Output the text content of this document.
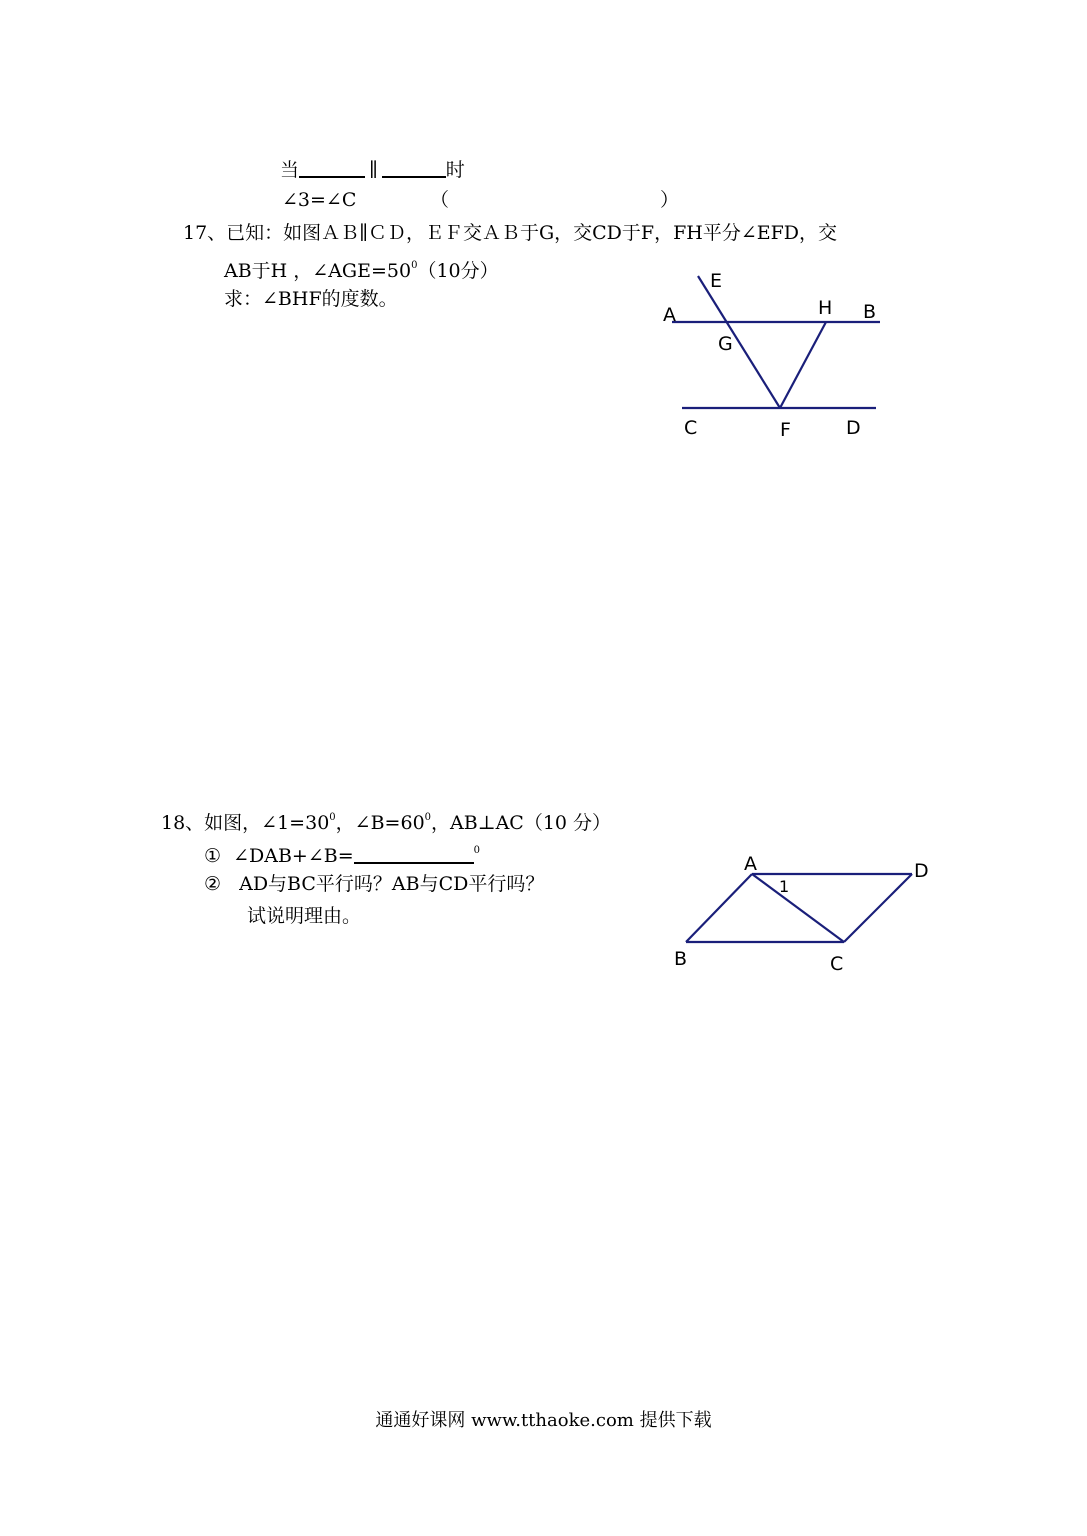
当	∥	时
∠3=∠C	（	）
17、已知：如图ＡＢ∥ＣＤ，ＥＦ交ＡＢ于G，交CD于F，FH平分∠EFD，交
AB于H ，$\angle AGE=50^0(10$分）
求：∠BHF的度数。
E
A	H B
G
C	F	D
18、如图，$\angle 1=30^0$，$\angle B=60^0$，AB⊥AC（10 分）
① ∠DAB+∠B=	$^0$
② AD与BC平行吗？AB与CD平行吗？
试说明理由。
A	D
1
B	C
通通好课网 www.tthaoke.com 提供下载
